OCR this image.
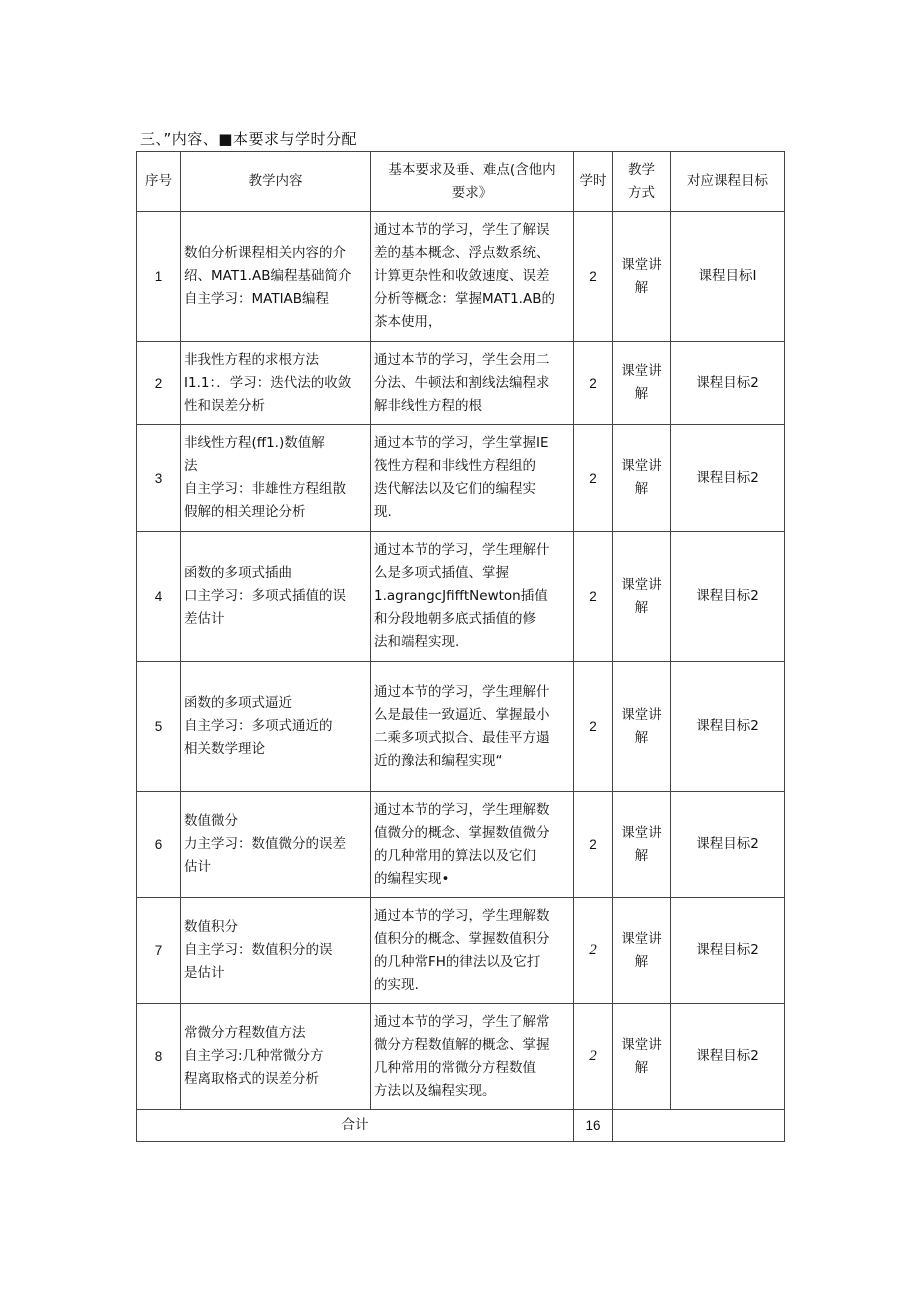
三、”内容、■本要求与学时分配
序号	教学内容	基本要求及垂、难点(含他内
要求》	学时	教学
方式	对应课程目标
1	数伯分析课程相关内容的介
绍、MAT1.AB编程基础简介
自主学习：MATIAB编程	通过本节的学习，学生了解误
差的基本概念、浮点数系统、
计算更杂性和收敛速度、误差
分析等概念：掌握MAT1.AB的
茶本使用，	2	课堂讲
解	课程目标I
2	非我性方程的求根方法
I1.1：．学习：迭代法的收敛
性和误差分析	通过本节的学习，学生会用二
分法、牛顿法和割线法编程求
解非线性方程的根	2	课堂讲
解	课程目标2
3	非线性方程(ff1.)数值解
法
自主学习：非雄性方程组散
假解的相关理论分析	通过本节的学习，学生掌握IE
筏性方程和非线性方程组的
迭代解法以及它们的编程实
现.	2	课堂讲
解	课程目标2
4	函数的多项式插曲
口主学习：多项式插值的误
差估计	通过本节的学习，学生理解什
么是多项式插值、掌握
1.agrangcJfifftNewton插值
和分段地朝多底式插值的修
法和端程实现.	2	课堂讲
解	课程目标2
5	函数的多项式逼近
自主学习：多项式通近的
相关数学理论	通过本节的学习，学生理解什
么是最佳一致逼近、掌握最小
二乘多项式拟合、最佳平方遢
近的豫法和编程实现“	2	课堂讲
解	课程目标2
6	数值微分
力主学习：数值微分的误差
估计	通过本节的学习，学生理解数
值微分的概念、掌握数值微分
的几种常用的算法以及它们
的编程实现•	2	课堂讲
解	课程目标2
7	数值积分
自主学习：数值积分的误
是估计	通过本节的学习，学生理解数
值积分的概念、掌握数值积分
的几种常FH的律法以及它打
的实现.	2	课堂讲
解	课程目标2
8	常微分方程数值方法
自主学习:几种常微分方
程离取格式的误差分析	通过本节的学习，学生了解常
微分方程数值解的概念、掌握
几种常用的常微分方程数值
方法以及编程实现。	2	课堂讲
解	课程目标2
合计			16		
